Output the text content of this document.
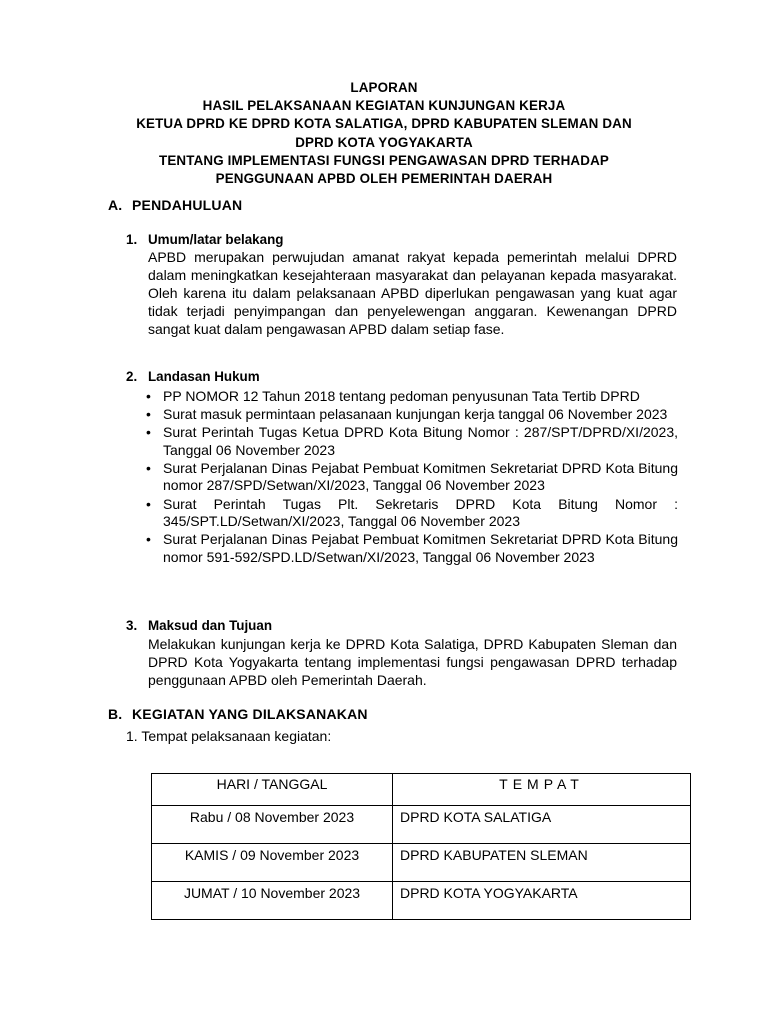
LAPORAN
HASIL PELAKSANAAN KEGIATAN KUNJUNGAN KERJA
KETUA DPRD KE DPRD KOTA SALATIGA, DPRD KABUPATEN SLEMAN DAN
DPRD KOTA YOGYAKARTA
TENTANG IMPLEMENTASI FUNGSI PENGAWASAN DPRD TERHADAP
PENGGUNAAN APBD OLEH PEMERINTAH DAERAH
A. PENDAHULUAN
1. Umum/latar belakang
APBD merupakan perwujudan amanat rakyat kepada pemerintah melalui DPRD dalam meningkatkan kesejahteraan masyarakat dan pelayanan kepada masyarakat. Oleh karena itu dalam pelaksanaan APBD diperlukan pengawasan yang kuat agar tidak terjadi penyimpangan dan penyelewengan anggaran. Kewenangan DPRD sangat kuat dalam pengawasan APBD dalam setiap fase.
2. Landasan Hukum
• PP NOMOR 12 Tahun 2018 tentang pedoman penyusunan Tata Tertib DPRD
• Surat masuk permintaan pelasanaan kunjungan kerja tanggal 06 November 2023
• Surat Perintah Tugas Ketua DPRD Kota Bitung Nomor : 287/SPT/DPRD/XI/2023, Tanggal 06 November 2023
• Surat Perjalanan Dinas Pejabat Pembuat Komitmen Sekretariat DPRD Kota Bitung nomor 287/SPD/Setwan/XI/2023, Tanggal 06 November 2023
• Surat Perintah Tugas Plt. Sekretaris DPRD Kota Bitung Nomor : 345/SPT.LD/Setwan/XI/2023, Tanggal 06 November 2023
• Surat Perjalanan Dinas Pejabat Pembuat Komitmen Sekretariat DPRD Kota Bitung nomor 591-592/SPD.LD/Setwan/XI/2023, Tanggal 06 November 2023
3. Maksud dan Tujuan
Melakukan kunjungan kerja ke DPRD Kota Salatiga, DPRD Kabupaten Sleman dan DPRD Kota Yogyakarta tentang implementasi fungsi pengawasan DPRD terhadap penggunaan APBD oleh Pemerintah Daerah.
B. KEGIATAN YANG DILAKSANAKAN
1. Tempat pelaksanaan kegiatan:
HARI / TANGGAL	TEMPAT
Rabu / 08 November 2023	DPRD KOTA SALATIGA
KAMIS / 09 November 2023	DPRD KABUPATEN SLEMAN
JUMAT / 10 November 2023	DPRD KOTA YOGYAKARTA
